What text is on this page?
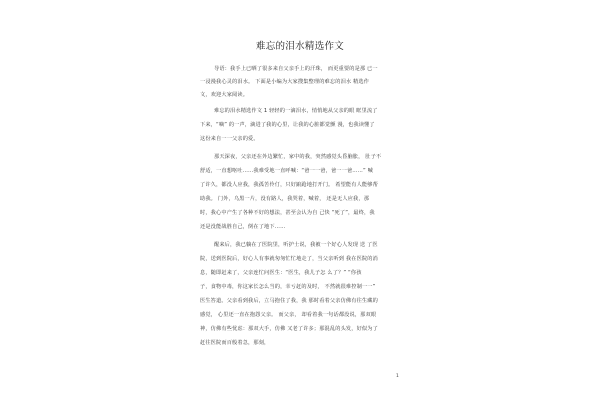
难忘的泪水精选作文
导语：我手上已晒了很多来自父亲手上的汗珠， 而更重要的是那 已一
一浸漫我心灵的泪水。 下面是小编为大家搜集整理的难忘的泪水 精选作
文，欢迎大家阅读。
难忘的泪水精选作文 1 轻轻的一滴泪水，悄悄地从父亲的眼 眶里流了
下来，“嘀” 的一声，滴进了我的心里，让我的心脏都觉颤 漫，也我读懂了
这份来自一一父亲的爱。
那天深夜，父亲还在外边繁忙，家中的我，突然感觉头昏脑胀， 肚子不
舒适，一直想呕吐……我难受地一直呼喊：“爸一一爸，爸一一爸……” 喊
了许久，都没人应我，我孤苦伶仃，只好踉跄地打开门。 希望能有人能够帮
助我。 门外，乌黑一片，没有路人，我哭着，喊着， 还是无人应我，那
时，我心中产生了各种不好的想法，甚至会认为自 己快 “死了”，最终，我
还是没能战胜自己，倒在了地下……
醒来后，我已躺在了医院里，听护士说，我被一个好心人发现 送 了医
院，送到医院后，好心人有事就匆匆忙忙地走了，当父亲听到 我在医院的消
息，随即赶来了，父亲连忙问医生：“医生，我儿子怎 么了？” “你孩
子，食物中毒，你这家长怎么当的，幸亏赶的及时， 不然就很难控制一一”
医生答道。父亲看到我后，立马抱住了我，我 那时看着父亲仿佛有往生藏的
感觉， 心里还一直在抱怨父亲。 而父亲， 却看着我一句话都没说，那双眼
神，仿佛有些忧虑：那双大手，仿佛 又老了许多；那混乱的头发，好似为了
赶往医院而百般着急，那刻，
1
